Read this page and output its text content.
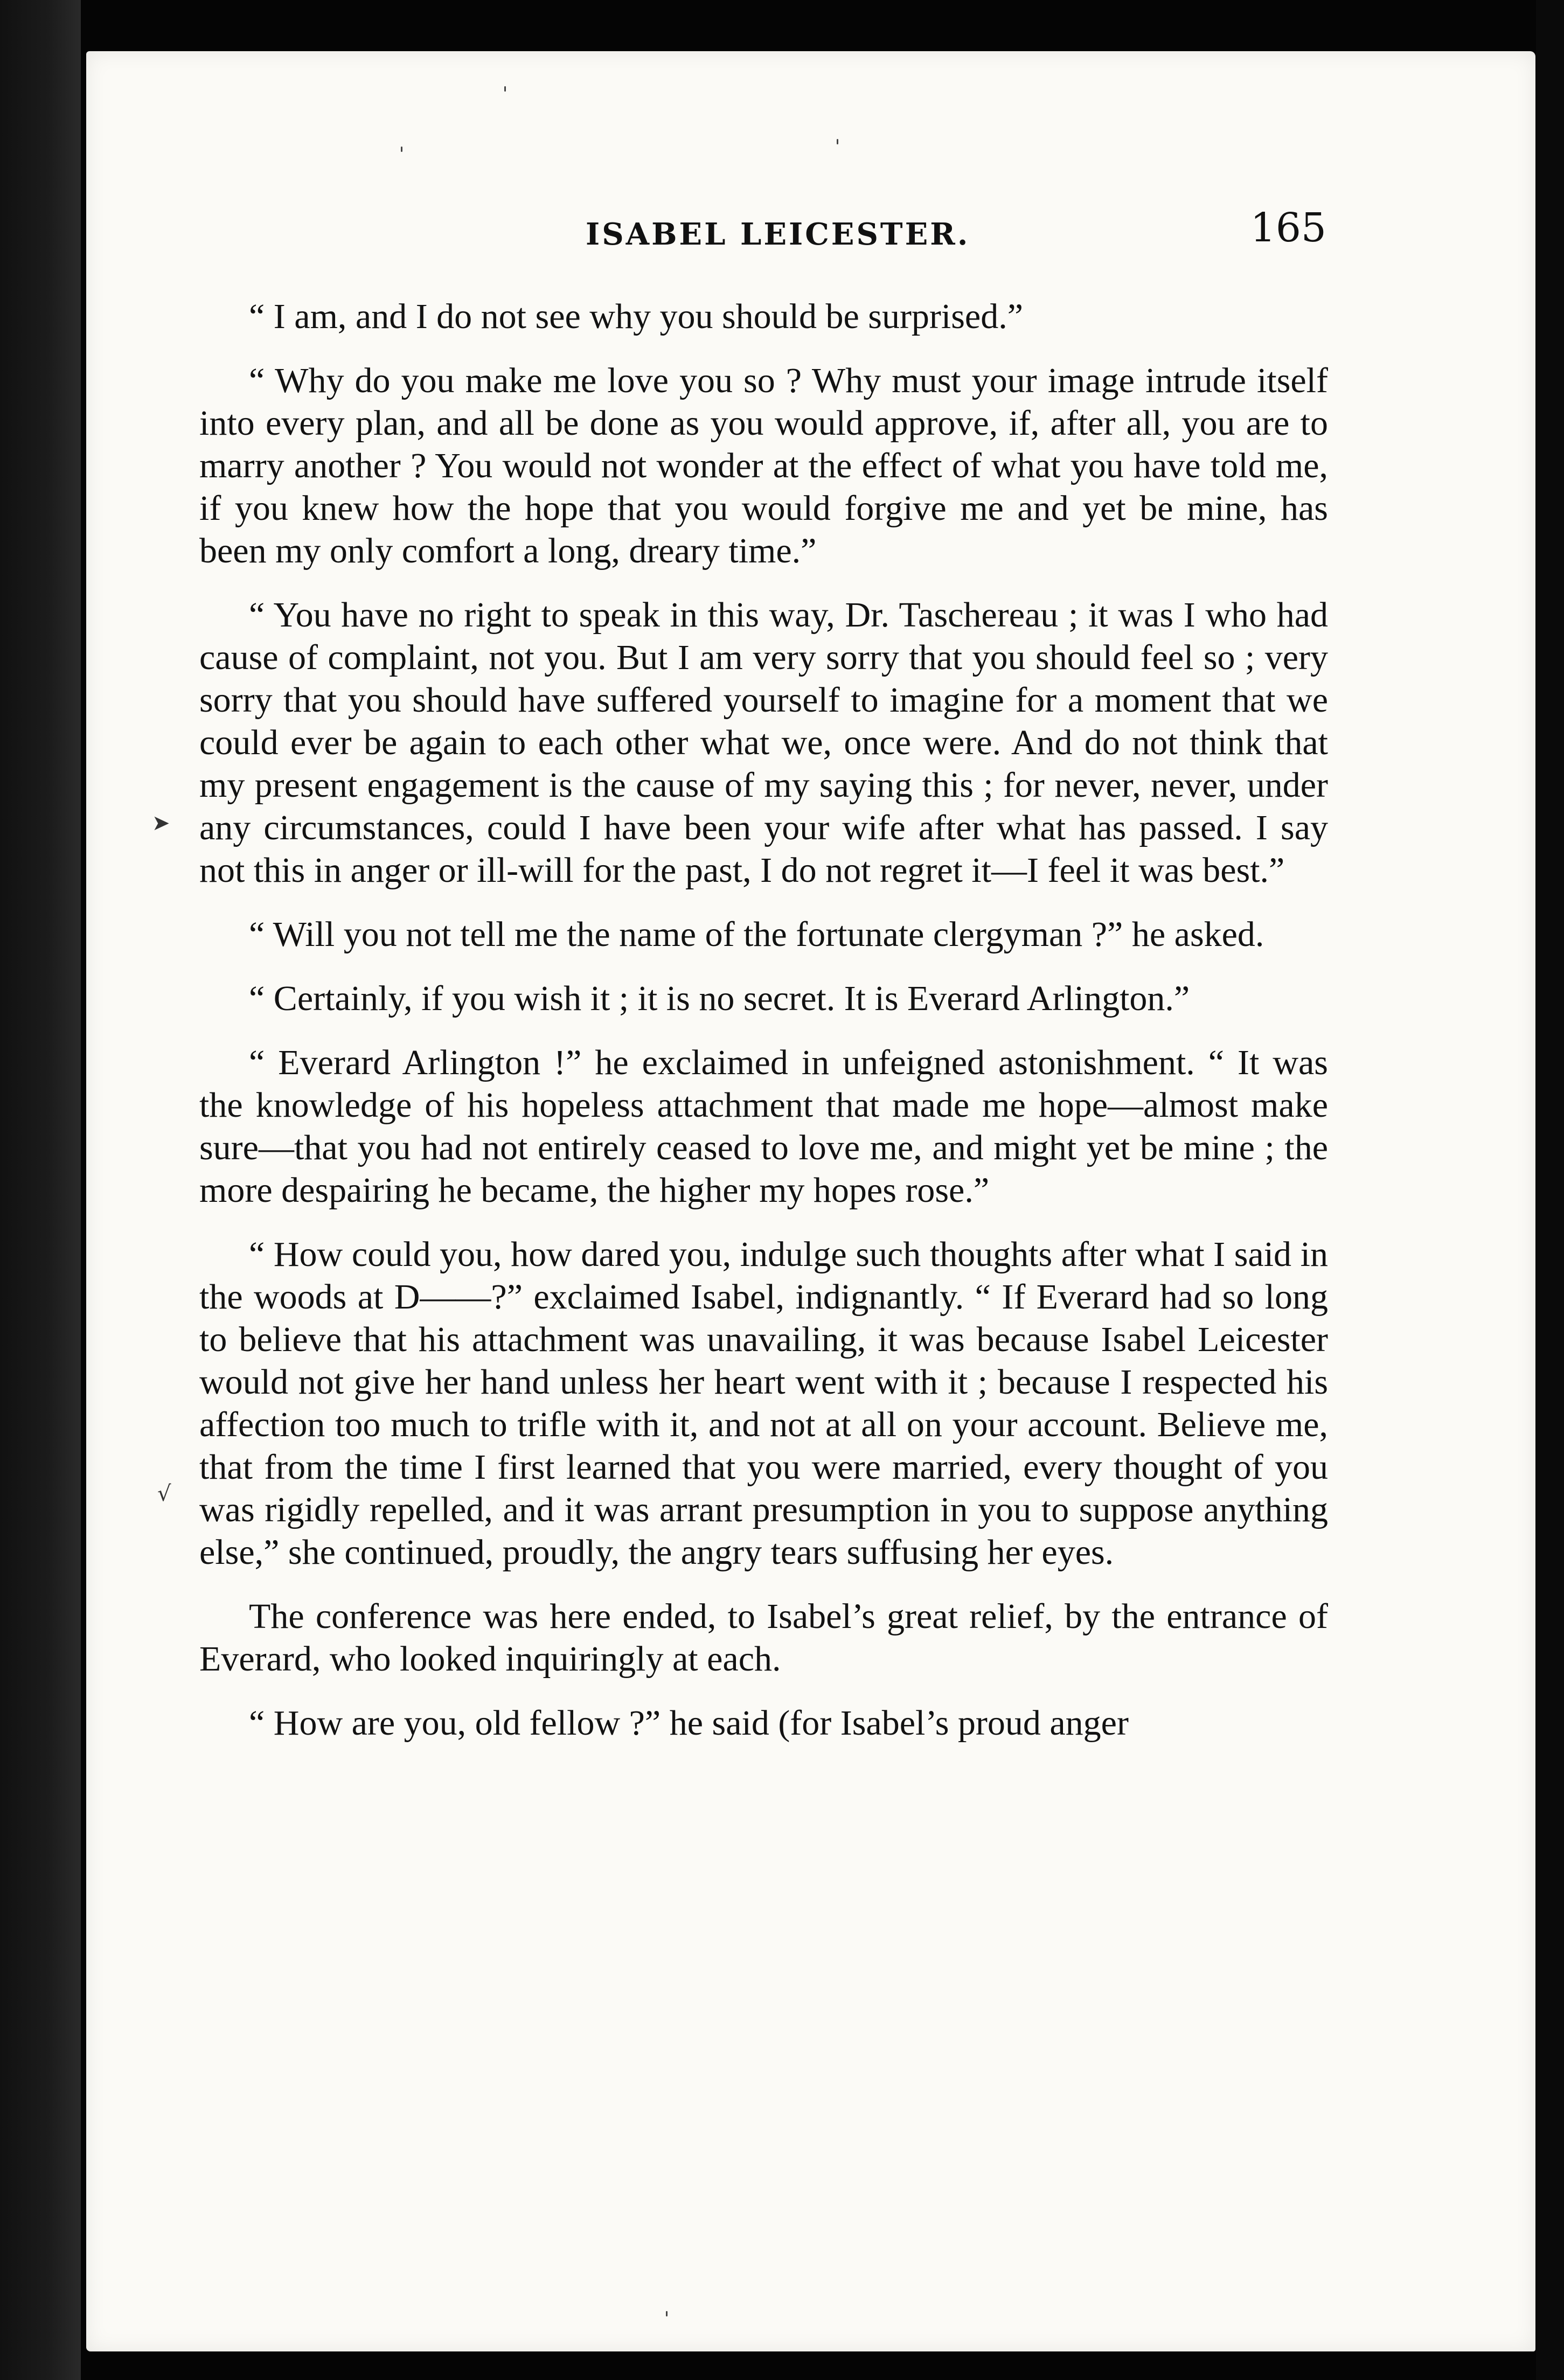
ISABEL LEICESTER.	165

“ I am, and I do not see why you should be surprised.”

“ Why do you make me love you so ? Why must your image intrude itself into every plan, and all be done as you would approve, if, after all, you are to marry another ? You would not wonder at the effect of what you have told me, if you knew how the hope that you would forgive me and yet be mine, has been my only comfort a long, dreary time.”

“ You have no right to speak in this way, Dr. Taschereau ; it was I who had cause of complaint, not you. But I am very sorry that you should feel so ; very sorry that you should have suffered yourself to imagine for a moment that we could ever be again to each other what we, once were. And do not think that my present engagement is the cause of my saying this ; for never, never, under any circumstances, could I have been your wife after what has passed. I say not this in anger or ill-will for the past, I do not regret it—I feel it was best.”

“ Will you not tell me the name of the fortunate clergyman ?” he asked.

“ Certainly, if you wish it ; it is no secret. It is Everard Arlington.”

“ Everard Arlington !” he exclaimed in unfeigned astonishment. “ It was the knowledge of his hopeless attachment that made me hope—almost make sure—that you had not entirely ceased to love me, and might yet be mine ; the more despairing he became, the higher my hopes rose.”

“ How could you, how dared you, indulge such thoughts after what I said in the woods at D——?” exclaimed Isabel, indignantly. “ If Everard had so long to believe that his attachment was unavailing, it was because Isabel Leicester would not give her hand unless her heart went with it ; because I respected his affection too much to trifle with it, and not at all on your account. Believe me, that from the time I first learned that you were married, every thought of you was rigidly repelled, and it was arrant presumption in you to suppose anything else,” she continued, proudly, the angry tears suffusing her eyes.

The conference was here ended, to Isabel’s great relief, by the entrance of Everard, who looked inquiringly at each.

“ How are you, old fellow ?” he said (for Isabel’s proud anger

➤
√
